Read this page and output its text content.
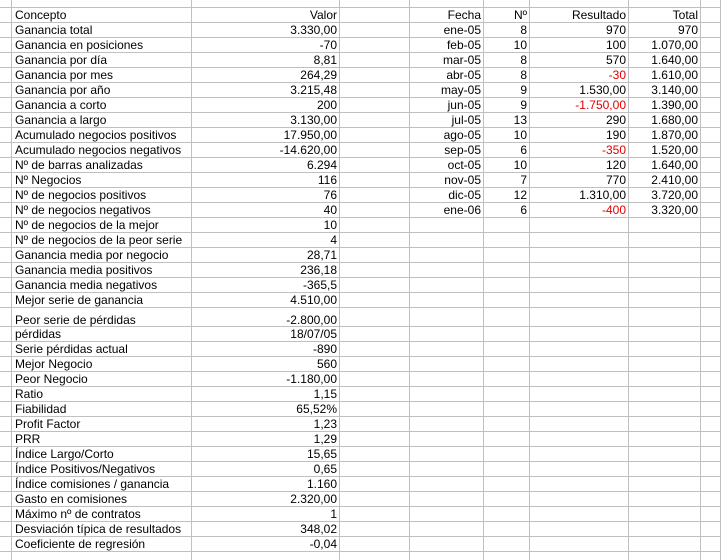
Concepto	Valor
Ganancia total	3.330,00
Ganancia en posiciones	-70
Ganancia por día	8,81
Ganancia por mes	264,29
Ganancia por año	3.215,48
Ganancia a corto	200
Ganancia a largo	3.130,00
Acumulado negocios positivos	17.950,00
Acumulado negocios negativos	-14.620,00
Nº de barras analizadas	6.294
Nº Negocios	116
Nº de negocios positivos	76
Nº de negocios negativos	40
Nº de negocios de la mejor	10
Nº de negocios de la peor serie	4
Ganancia media por negocio	28,71
Ganancia media positivos	236,18
Ganancia media negativos	-365,5
Mejor serie de ganancia	4.510,00
Peor serie de pérdidas	-2.800,00
pérdidas	18/07/05
Serie pérdidas actual	-890
Mejor Negocio	560
Peor Negocio	-1.180,00
Ratio	1,15
Fiabilidad	65,52%
Profit Factor	1,23
PRR	1,29
Índice Largo/Corto	15,65
Índice Positivos/Negativos	0,65
Índice comisiones / ganancia	1.160
Gasto en comisiones	2.320,00
Máximo nº de contratos	1
Desviación típica de resultados	348,02
Coeficiente de regresión	-0,04
Fecha	Nº	Resultado	Total
ene-05	8	970	970
feb-05	10	100	1.070,00
mar-05	8	570	1.640,00
abr-05	8	-30	1.610,00
may-05	9	1.530,00	3.140,00
jun-05	9	-1.750,00	1.390,00
jul-05	13	290	1.680,00
ago-05	10	190	1.870,00
sep-05	6	-350	1.520,00
oct-05	10	120	1.640,00
nov-05	7	770	2.410,00
dic-05	12	1.310,00	3.720,00
ene-06	6	-400	3.320,00
